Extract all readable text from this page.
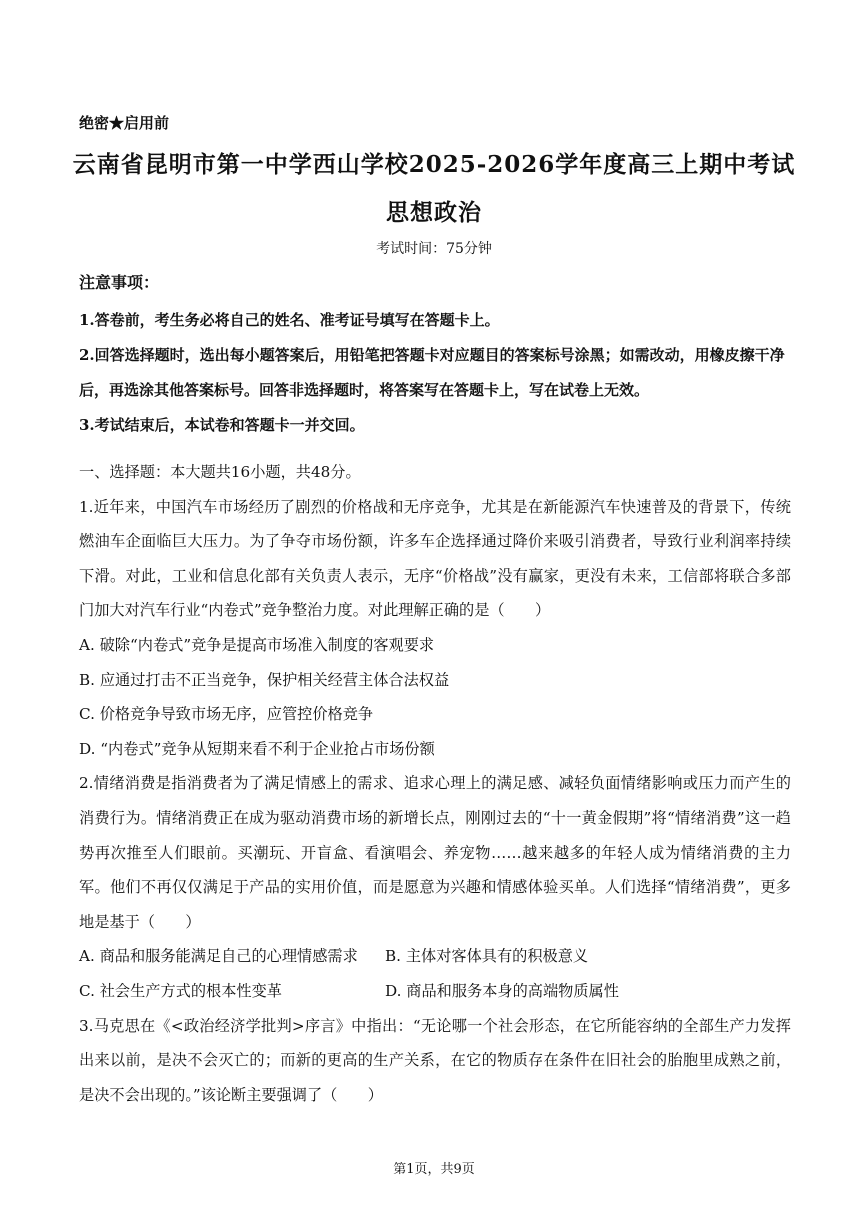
绝密★启用前
云南省昆明市第一中学西山学校2025-2026学年度高三上期中考试
思想政治
考试时间：75分钟
注意事项：

1.答卷前，考生务必将自己的姓名、准考证号填写在答题卡上。

2.回答选择题时，选出每小题答案后，用铅笔把答题卡对应题目的答案标号涂黑；如需改动，用橡皮擦干净后，再选涂其他答案标号。回答非选择题时，将答案写在答题卡上，写在试卷上无效。

3.考试结束后，本试卷和答题卡一并交回。

一、选择题：本大题共16小题，共48分。

1.近年来，中国汽车市场经历了剧烈的价格战和无序竞争，尤其是在新能源汽车快速普及的背景下，传统燃油车企面临巨大压力。为了争夺市场份额，许多车企选择通过降价来吸引消费者，导致行业利润率持续下滑。对此，工业和信息化部有关负责人表示，无序“价格战”没有赢家，更没有未来，工信部将联合多部门加大对汽车行业“内卷式”竞争整治力度。对此理解正确的是（　　）

A. 破除“内卷式”竞争是提高市场准入制度的客观要求

B. 应通过打击不正当竞争，保护相关经营主体合法权益

C. 价格竞争导致市场无序，应管控价格竞争

D. “内卷式”竞争从短期来看不利于企业抢占市场份额

2.情绪消费是指消费者为了满足情感上的需求、追求心理上的满足感、减轻负面情绪影响或压力而产生的消费行为。情绪消费正在成为驱动消费市场的新增长点，刚刚过去的“十一黄金假期”将“情绪消费”这一趋势再次推至人们眼前。买潮玩、开盲盒、看演唱会、养宠物……越来越多的年轻人成为情绪消费的主力军。他们不再仅仅满足于产品的实用价值，而是愿意为兴趣和情感体验买单。人们选择“情绪消费”，更多地是基于（　　）

A. 商品和服务能满足自己的心理情感需求	B. 主体对客体具有的积极意义

C. 社会生产方式的根本性变革	D. 商品和服务本身的高端物质属性

3.马克思在《<政治经济学批判>序言》中指出：“无论哪一个社会形态，在它所能容纳的全部生产力发挥出来以前，是决不会灭亡的；而新的更高的生产关系，在它的物质存在条件在旧社会的胎胞里成熟之前，是决不会出现的。”该论断主要强调了（　　）

第1页，共9页
